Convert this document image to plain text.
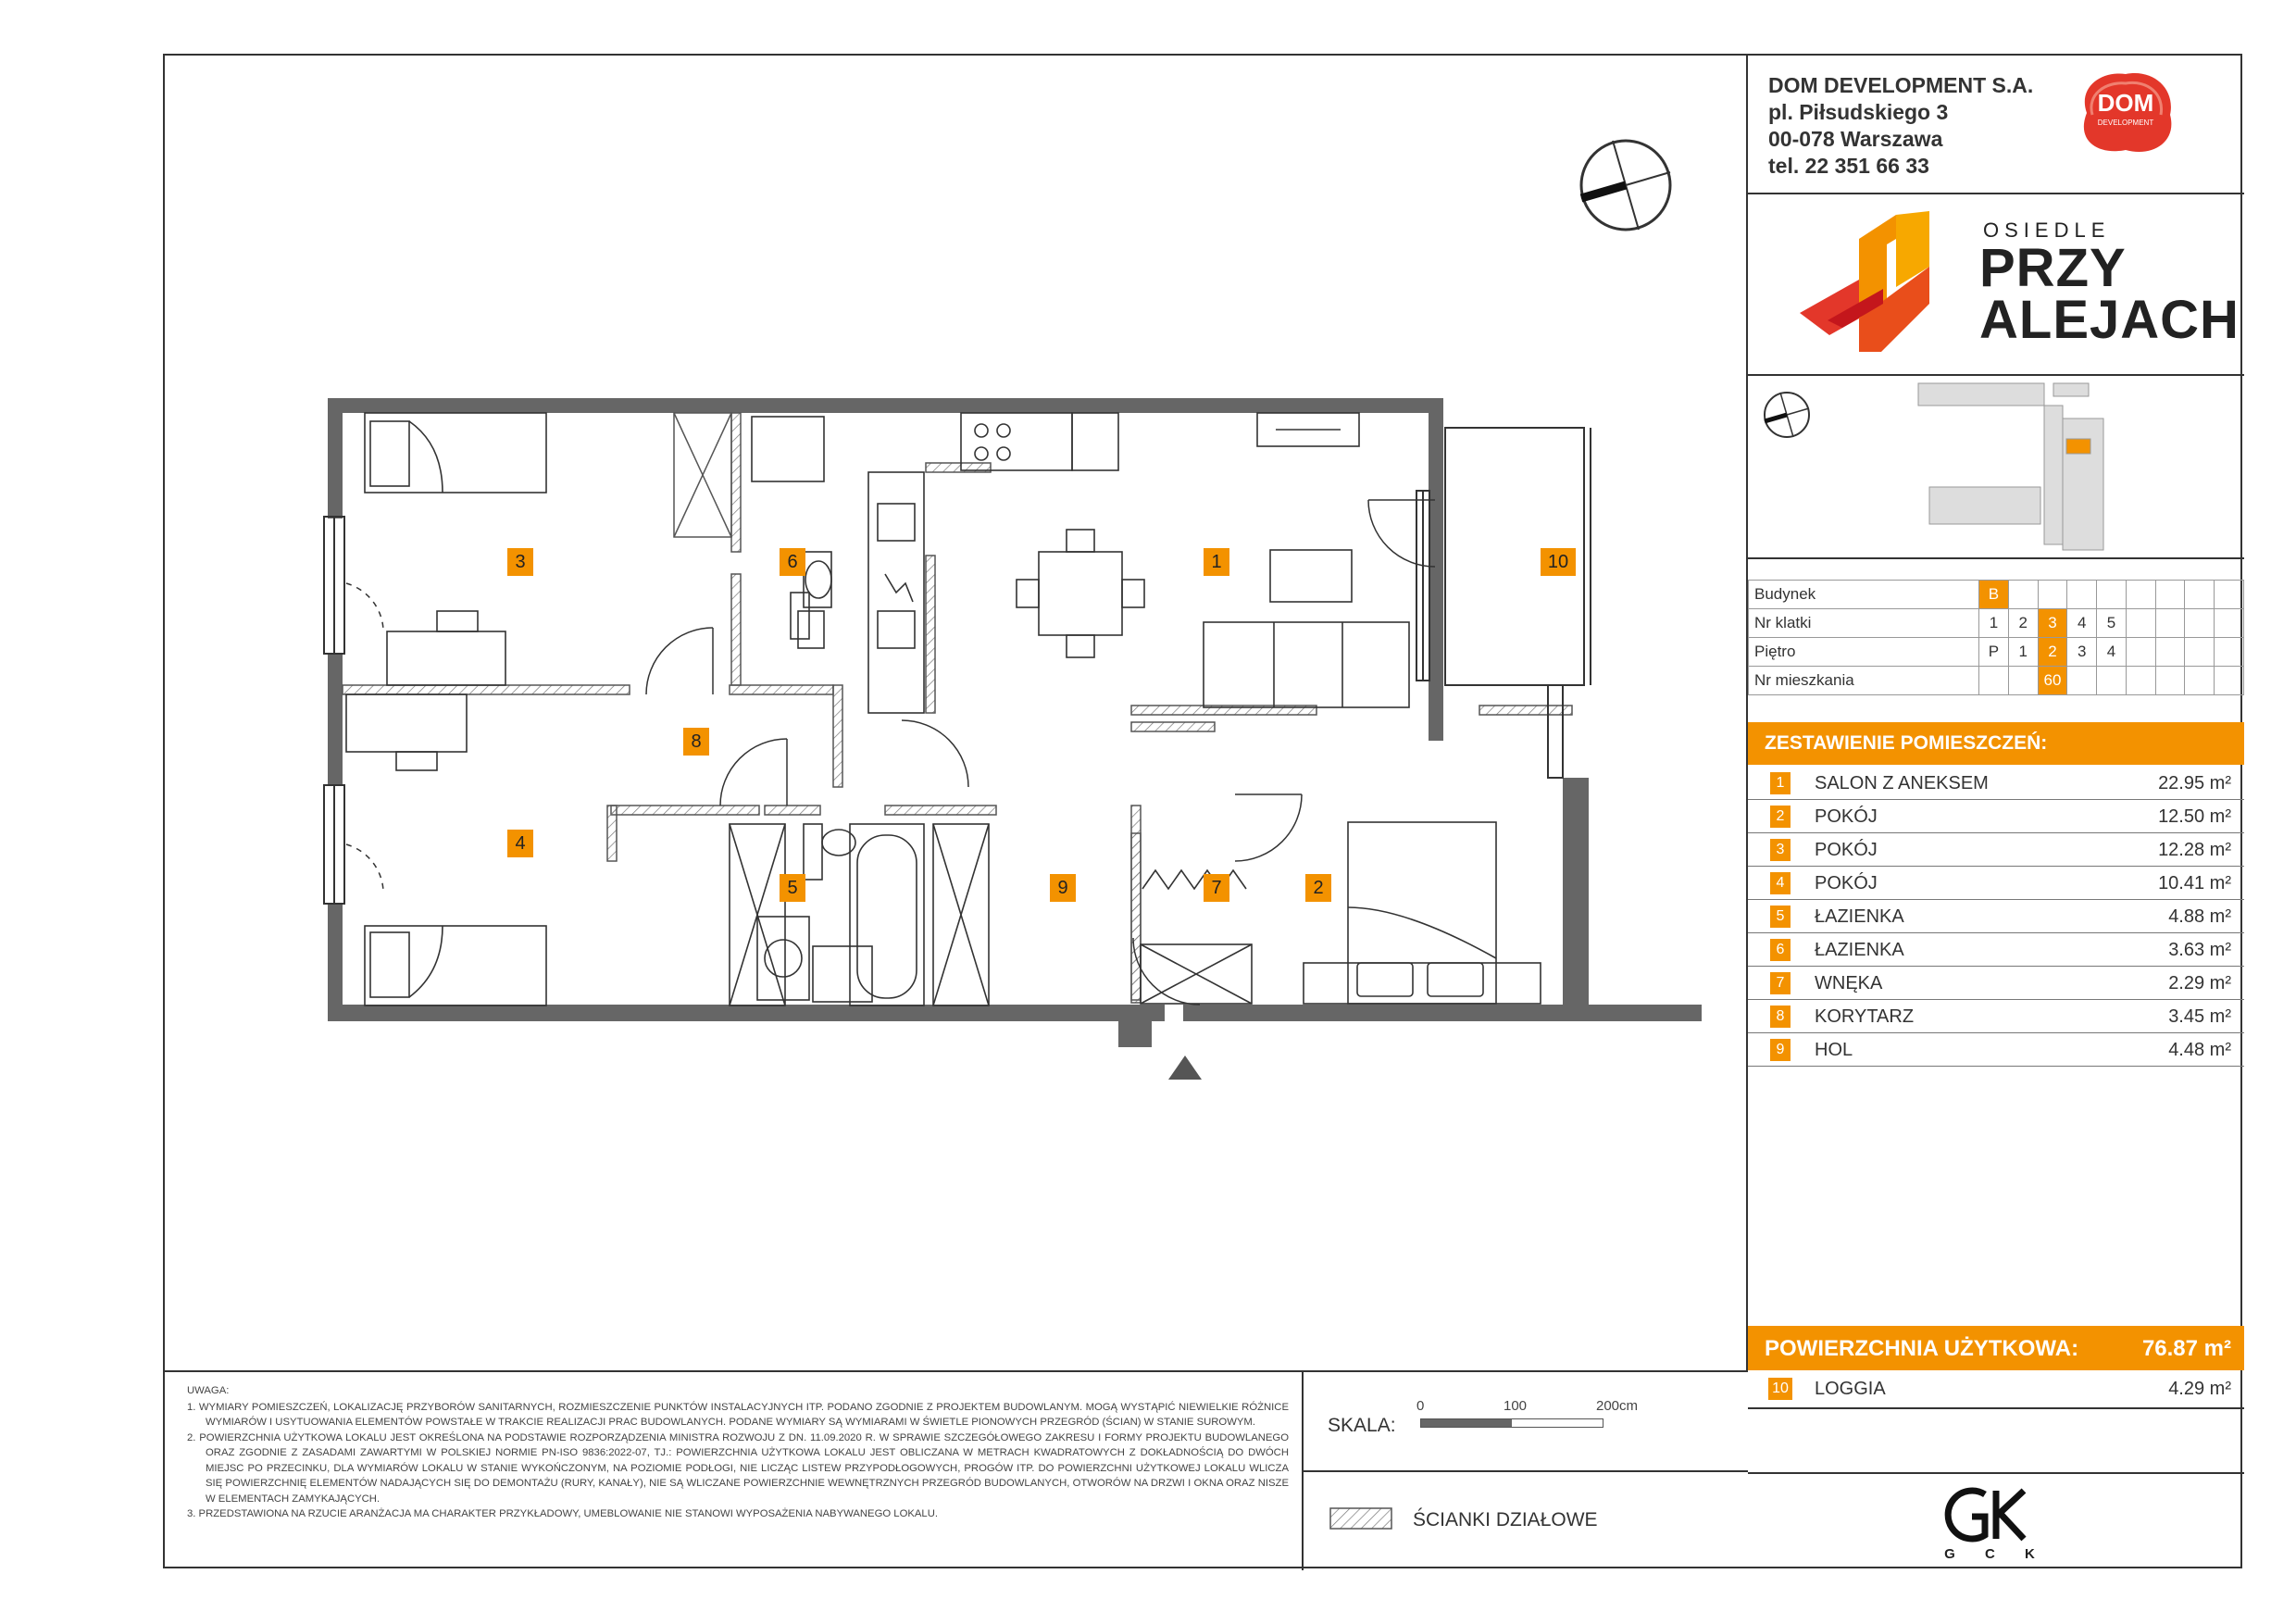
1
2
3
4
5
6
7
8
9
10
UWAGA:

1. WYMIARY POMIESZCZEŃ, LOKALIZACJĘ PRZYBORÓW SANITARNYCH, ROZMIESZCZENIE PUNKTÓW INSTALACYJNYCH ITP. PODANO ZGODNIE Z PROJEKTEM BUDOWLANYM. MOGĄ WYSTĄPIĆ NIEWIELKIE RÓŻNICE WYMIARÓW I USYTUOWANIA ELEMENTÓW POWSTAŁE W TRAKCIE REALIZACJI PRAC BUDOWLANYCH. PODANE WYMIARY SĄ WYMIARAMI W ŚWIETLE PIONOWYCH PRZEGRÓD (ŚCIAN) W STANIE SUROWYM.

2. POWIERZCHNIA UŻYTKOWA LOKALU JEST OKREŚLONA NA PODSTAWIE ROZPORZĄDZENIA MINISTRA ROZWOJU Z DN. 11.09.2020 R. W SPRAWIE SZCZEGÓŁOWEGO ZAKRESU I FORMY PROJEKTU BUDOWLANEGO ORAZ ZGODNIE Z ZASADAMI ZAWARTYMI W POLSKIEJ NORMIE PN-ISO 9836:2022-07, TJ.: POWIERZCHNIA UŻYTKOWA LOKALU JEST OBLICZANA W METRACH KWADRATOWYCH Z DOKŁADNOŚCIĄ DO DWÓCH MIEJSC PO PRZECINKU, DLA WYMIARÓW LOKALU W STANIE WYKOŃCZONYM, NA POZIOMIE PODŁOGI, NIE LICZĄC LISTEW PRZYPODŁOGOWYCH, PROGÓW ITP. DO POWIERZCHNI UŻYTKOWEJ LOKALU WLICZA SIĘ POWIERZCHNIĘ ELEMENTÓW NADAJĄCYCH SIĘ DO DEMONTAŻU (RURY, KANAŁY), NIE SĄ WLICZANE POWIERZCHNIE WEWNĘTRZNYCH PRZEGRÓD BUDOWLANYCH, OTWORÓW NA DRZWI I OKNA ORAZ NISZE W ELEMENTACH ZAMYKAJĄCYCH.

3. PRZEDSTAWIONA NA RZUCIE ARANŻACJA MA CHARAKTER PRZYKŁADOWY, UMEBLOWANIE NIE STANOWI WYPOSAŻENIA NABYWANEGO LOKALU.

SKALA:
0	100	200cm
ŚCIANKI DZIAŁOWE
DOM DEVELOPMENT S.A.
pl. Piłsudskiego 3
00-078 Warszawa
tel. 22 351 66 33
DOM
DEVELOPMENT
OSIEDLE
PRZY
ALEJACH
Budynek	B								
Nr klatki	1	2	3	4	5				
Piętro	P	1	2	3	4				
Nr mieszkania			60						
ZESTAWIENIE POMIESZCZEŃ:
1	SALON Z ANEKSEM	22.95 m²
2	POKÓJ	12.50 m²
3	POKÓJ	12.28 m²
4	POKÓJ	10.41 m²
5	ŁAZIENKA	4.88 m²
6	ŁAZIENKA	3.63 m²
7	WNĘKA	2.29 m²
8	KORYTARZ	3.45 m²
9	HOL	4.48 m²
POWIERZCHNIA UŻYTKOWA:	76.87 m²
10 LOGGIA	4.29 m²
G C K
